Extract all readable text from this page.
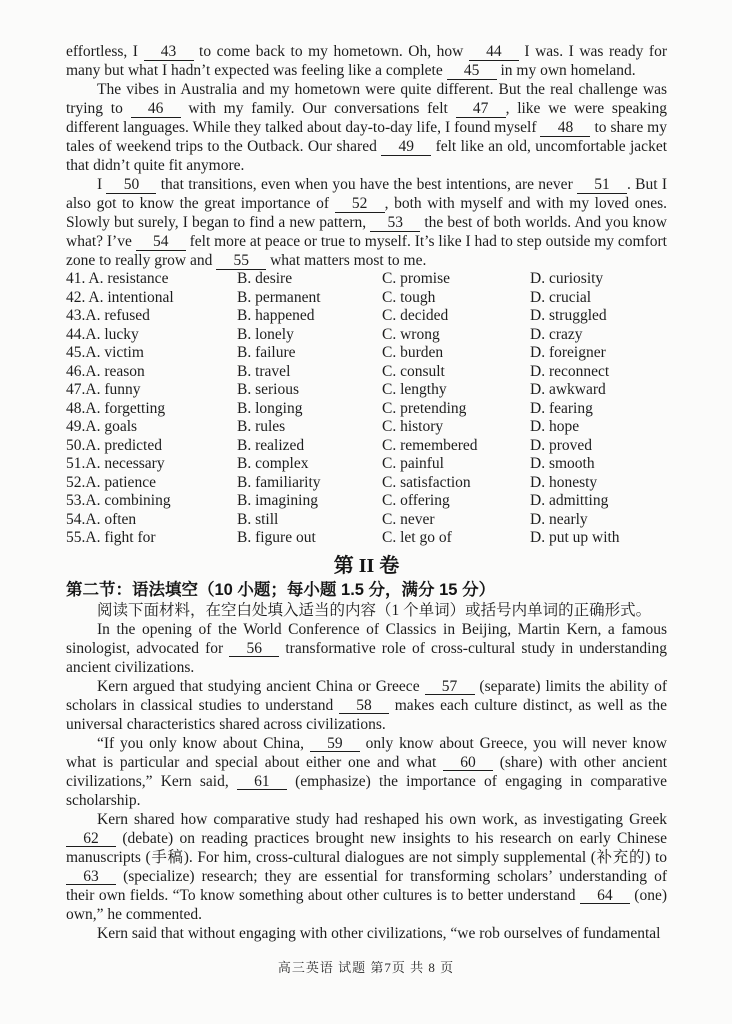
effortless, I 43 to come back to my hometown. Oh, how 44 I was. I was ready for many but what I hadn’t expected was feeling like a complete 45 in my own homeland.

The vibes in Australia and my hometown were quite different. But the real challenge was trying to 46 with my family. Our conversations felt 47 , like we were speaking different languages. While they talked about day-to-day life, I found myself 48 to share my tales of weekend trips to the Outback. Our shared 49 felt like an old, uncomfortable jacket that didn’t quite fit anymore.

I 50 that transitions, even when you have the best intentions, are never 51 . But I also got to know the great importance of 52 , both with myself and with my loved ones. Slowly but surely, I began to find a new pattern, 53 the best of both worlds. And you know what? I’ve 54 felt more at peace or true to myself. It’s like I had to step outside my comfort zone to really grow and 55 what matters most to me.

41. A. resistance	B. desire	C. promise	D. curiosity
42. A. intentional	B. permanent	C. tough	D. crucial
43.A. refused	B. happened	C. decided	D. struggled
44.A. lucky	B. lonely	C. wrong	D. crazy
45.A. victim	B. failure	C. burden	D. foreigner
46.A. reason	B. travel	C. consult	D. reconnect
47.A. funny	B. serious	C. lengthy	D. awkward
48.A. forgetting	B. longing	C. pretending	D. fearing
49.A. goals	B. rules	C. history	D. hope
50.A. predicted	B. realized	C. remembered	D. proved
51.A. necessary	B. complex	C. painful	D. smooth
52.A. patience	B. familiarity	C. satisfaction	D. honesty
53.A. combining	B. imagining	C. offering	D. admitting
54.A. often	B. still	C. never	D. nearly
55.A. fight for	B. figure out	C. let go of	D. put up with
第 II 卷
第二节：语法填空（10 小题；每小题 1.5 分，满分 15 分）

阅读下面材料，在空白处填入适当的内容（1 个单词）或括号内单词的正确形式。

In the opening of the World Conference of Classics in Beijing, Martin Kern, a famous sinologist, advocated for 56 transformative role of cross-cultural study in understanding ancient civilizations.

Kern argued that studying ancient China or Greece 57 (separate) limits the ability of scholars in classical studies to understand 58 makes each culture distinct, as well as the universal characteristics shared across civilizations.

“If you only know about China, 59 only know about Greece, you will never know what is particular and special about either one and what 60 (share) with other ancient civilizations,” Kern said, 61 (emphasize) the importance of engaging in comparative scholarship.

Kern shared how comparative study had reshaped his own work, as investigating Greek 62 (debate) on reading practices brought new insights to his research on early Chinese manuscripts (手稿). For him, cross-cultural dialogues are not simply supplemental (补充的) to 63 (specialize) research; they are essential for transforming scholars’ understanding of their own fields. “To know something about other cultures is to better understand 64 (one) own,” he commented.

Kern said that without engaging with other civilizations, “we rob ourselves of fundamental

高三英语 试题 第7页 共 8 页
